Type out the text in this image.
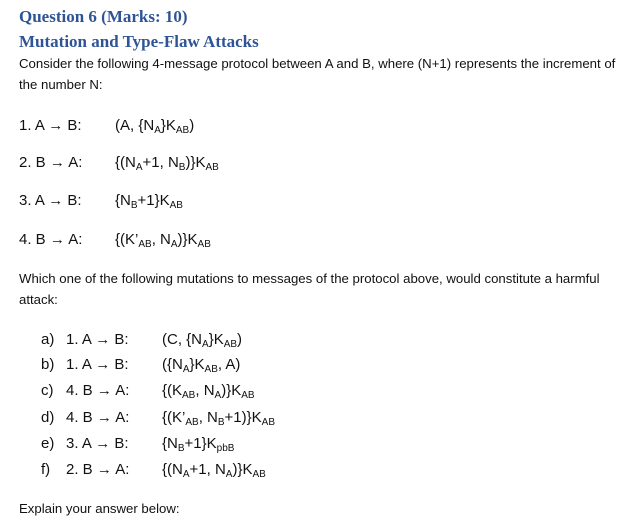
Question 6 (Marks: 10)
Mutation and Type-Flaw Attacks

Consider the following 4-message protocol between A and B, where (N+1) represents the increment of the number N:

1. A → B: (A, $\{N_A\}K_{AB}$)
2. B → A: {($N_A+1$, $N_B)\}K_{AB}$
3. A → B: $\{N_B+1\}K_{AB}$
4. B → A: {($K’_{AB}$, $N_A)\}K_{AB}$

Which one of the following mutations to messages of the protocol above, would constitute a harmful attack:

a) 1. A → B: (C, $\{N_A\}K_{AB}$)
b) 1. A → B: ($\{N_A\}K_{AB}$, A)
c) 4. B → A: {($K_{AB}$, $N_A)\}K_{AB}$
d) 4. B → A: {($K’_{AB}$, $N_B+1)\}K_{AB}$
e) 3. A → B: $\{N_B+1\}K_{pbB}$
f) 2. B → A: {($N_A+1$, $N_A)\}K_{AB}$

Explain your answer below:
